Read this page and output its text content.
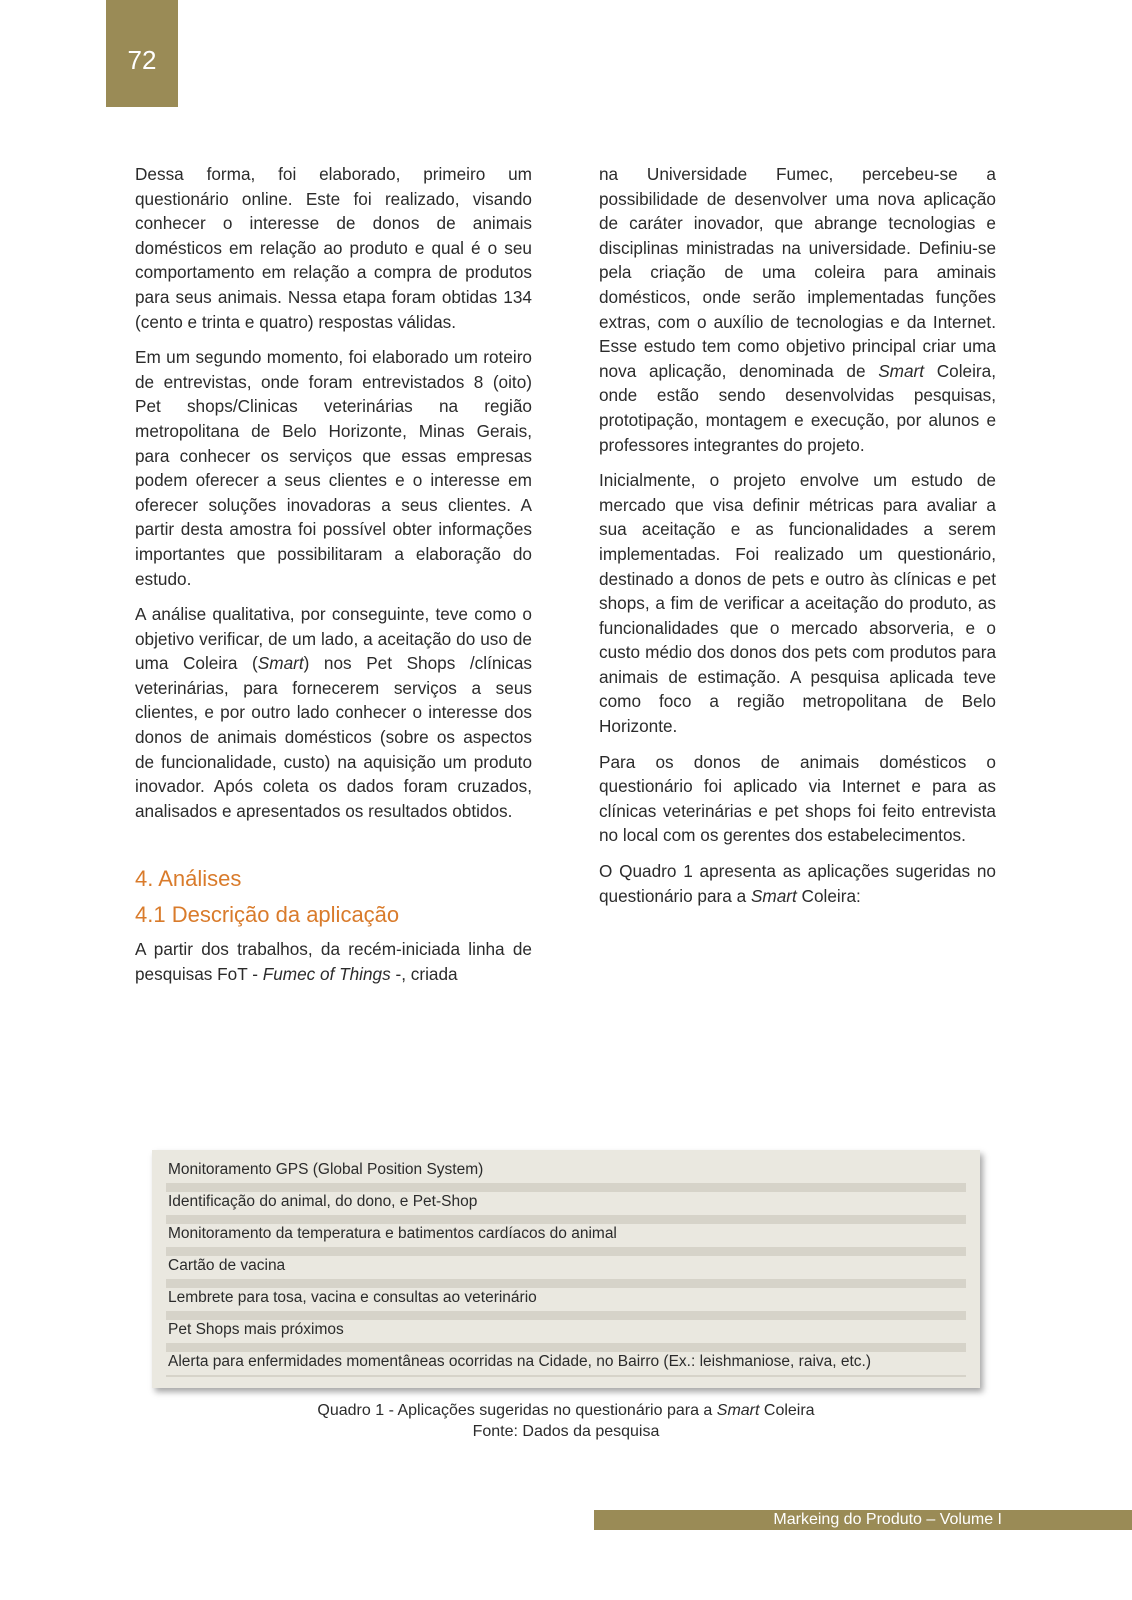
72

Dessa forma, foi elaborado, primeiro um questionário online. Este foi realizado, visando conhecer o interesse de donos de animais domésticos em relação ao produto e qual é o seu comportamento em relação a compra de produtos para seus animais. Nessa etapa foram obtidas 134 (cento e trinta e quatro) respostas válidas.

Em um segundo momento, foi elaborado um roteiro de entrevistas, onde foram entrevistados 8 (oito) Pet shops/Clinicas veterinárias na região metropolitana de Belo Horizonte, Minas Gerais, para conhecer os serviços que essas empresas podem oferecer a seus clientes e o interesse em oferecer soluções inovadoras a seus clientes. A partir desta amostra foi possível obter informações importantes que possibilitaram a elaboração do estudo.

A análise qualitativa, por conseguinte, teve como o objetivo verificar, de um lado, a aceitação do uso de uma Coleira (Smart) nos Pet Shops /clínicas veterinárias, para fornecerem serviços a seus clientes, e por outro lado conhecer o interesse dos donos de animais domésticos (sobre os aspectos de funcionalidade, custo) na aquisição um produto inovador. Após coleta os dados foram cruzados, analisados e apresentados os resultados obtidos.

4. Análises
4.1 Descrição da aplicação

A partir dos trabalhos, da recém-iniciada linha de pesquisas FoT - Fumec of Things -, criada

na Universidade Fumec, percebeu-se a possibilidade de desenvolver uma nova aplicação de caráter inovador, que abrange tecnologias e disciplinas ministradas na universidade. Definiu-se pela criação de uma coleira para aminais domésticos, onde serão implementadas funções extras, com o auxílio de tecnologias e da Internet. Esse estudo tem como objetivo principal criar uma nova aplicação, denominada de Smart Coleira, onde estão sendo desenvolvidas pesquisas, prototipação, montagem e execução, por alunos e professores integrantes do projeto.

Inicialmente, o projeto envolve um estudo de mercado que visa definir métricas para avaliar a sua aceitação e as funcionalidades a serem implementadas. Foi realizado um questionário, destinado a donos de pets e outro às clínicas e pet shops, a fim de verificar a aceitação do produto, as funcionalidades que o mercado absorveria, e o custo médio dos donos dos pets com produtos para animais de estimação. A pesquisa aplicada teve como foco a região metropolitana de Belo Horizonte.

Para os donos de animais domésticos o questionário foi aplicado via Internet e para as clínicas veterinárias e pet shops foi feito entrevista no local com os gerentes dos estabelecimentos.

O Quadro 1 apresenta as aplicações sugeridas no questionário para a Smart Coleira:

Monitoramento GPS (Global Position System)
Identificação do animal, do dono, e Pet-Shop
Monitoramento da temperatura e batimentos cardíacos do animal
Cartão de vacina
Lembrete para tosa, vacina e consultas ao veterinário
Pet Shops mais próximos
Alerta para enfermidades momentâneas ocorridas na Cidade, no Bairro (Ex.: leishmaniose, raiva, etc.)
Quadro 1 - Aplicações sugeridas no questionário para a Smart Coleira
Fonte: Dados da pesquisa
Markeing do Produto – Volume I
